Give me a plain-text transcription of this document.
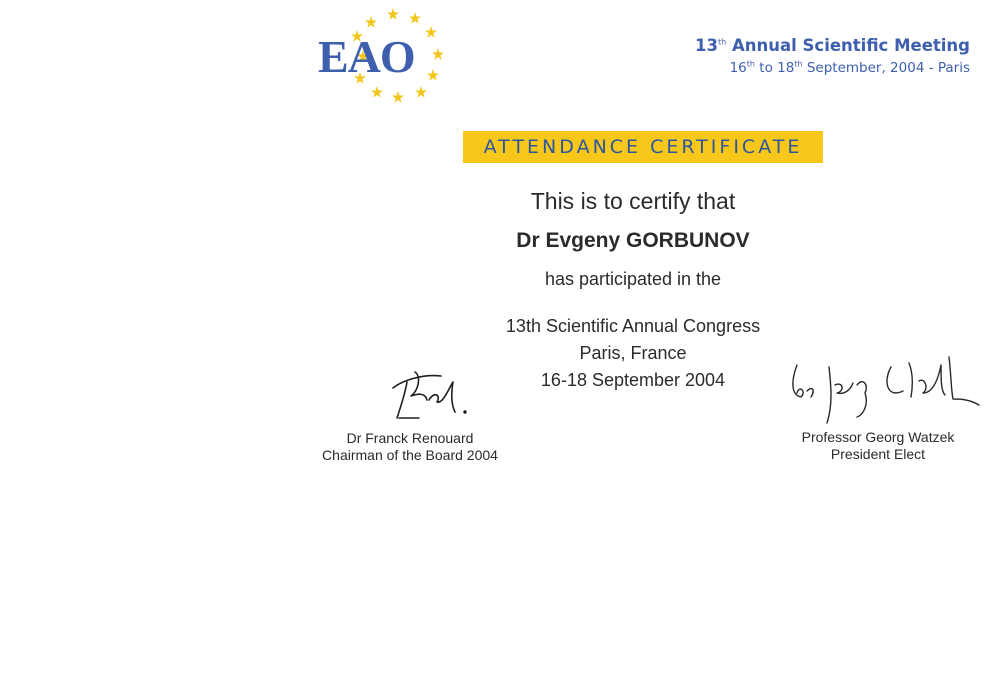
EAO	13th Annual Scientific Meeting
16th to 18th September, 2004 - Paris
ATTENDANCE CERTIFICATE
This is to certify that
Dr Evgeny GORBUNOV
has participated in the
13th Scientific Annual Congress
Paris, France
16-18 September 2004
Dr Franck Renouard
Chairman of the Board 2004
Professor Georg Watzek
President Elect
